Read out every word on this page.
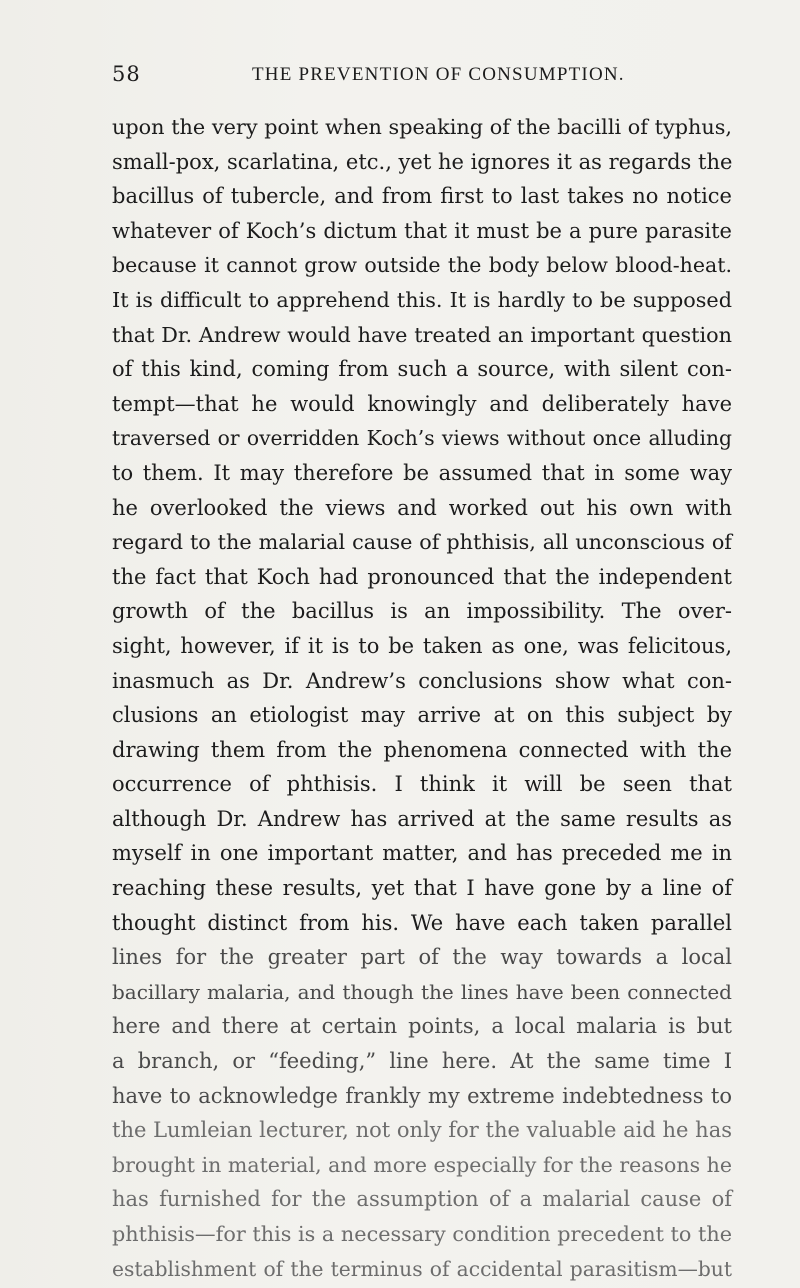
58	THE PREVENTION OF CONSUMPTION.
upon the very point when speaking of the bacilli of typhus,
small-pox, scarlatina, etc., yet he ignores it as regards the
bacillus of tubercle, and from first to last takes no notice
whatever of Koch’s dictum that it must be a pure parasite
because it cannot grow outside the body below blood-heat.
It is difficult to apprehend this. It is hardly to be supposed
that Dr. Andrew would have treated an important question
of this kind, coming from such a source, with silent con-
tempt—that he would knowingly and deliberately have
traversed or overridden Koch’s views without once alluding
to them. It may therefore be assumed that in some way
he overlooked the views and worked out his own with
regard to the malarial cause of phthisis, all unconscious of
the fact that Koch had pronounced that the independent
growth of the bacillus is an impossibility. The over-
sight, however, if it is to be taken as one, was felicitous,
inasmuch as Dr. Andrew’s conclusions show what con-
clusions an etiologist may arrive at on this subject by
drawing them from the phenomena connected with the
occurrence of phthisis. I think it will be seen that
although Dr. Andrew has arrived at the same results as
myself in one important matter, and has preceded me in
reaching these results, yet that I have gone by a line of
thought distinct from his. We have each taken parallel
lines for the greater part of the way towards a local
bacillary malaria, and though the lines have been connected
here and there at certain points, a local malaria is but
a branch, or “feeding,” line here. At the same time I
have to acknowledge frankly my extreme indebtedness to
the Lumleian lecturer, not only for the valuable aid he has
brought in material, and more especially for the reasons he
has furnished for the assumption of a malarial cause of
phthisis—for this is a necessary condition precedent to the
establishment of the terminus of accidental parasitism—but
